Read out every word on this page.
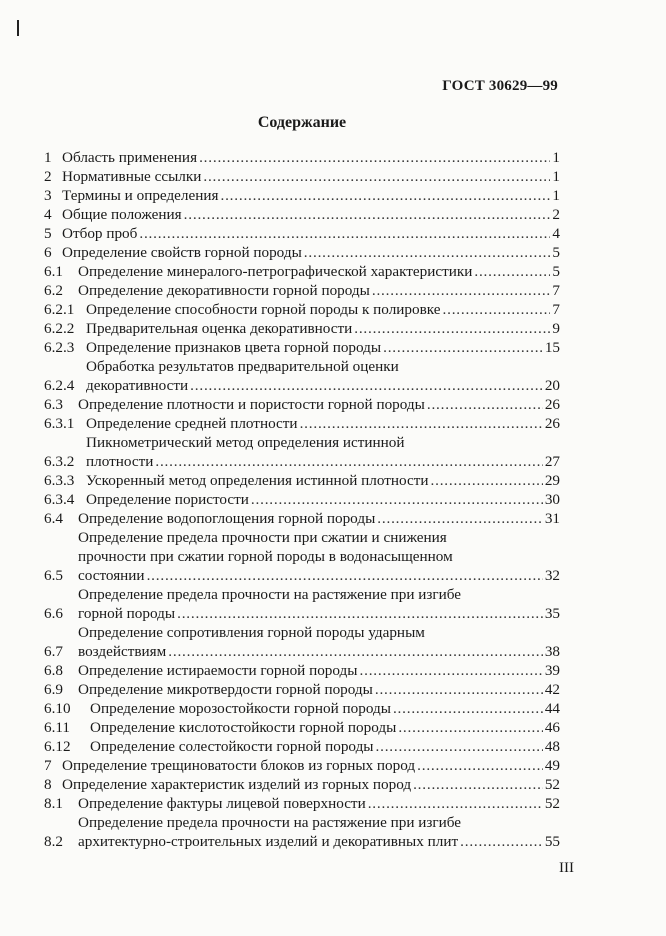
ГОСТ 30629—99
Содержание
1 Область применения . . .	1
2 Нормативные ссылки . . .	1
3 Термины и определения . . .	1
4 Общие положения . . .	2
5 Отбор проб . . .	4
6 Определение свойств горной породы . . .	5
6.1 Определение минералого-петрографической характеристики . . .	5
6.2 Определение декоративности горной породы . . .	7
6.2.1 Определение способности горной породы к полировке . . .	7
6.2.2 Предварительная оценка декоративности . . .	9
6.2.3 Определение признаков цвета горной породы . . .	15
6.2.4
Обработка результатов предварительной оценки
декоративности . . .	20
6.3 Определение плотности и пористости горной породы . . .	26
6.3.1 Определение средней плотности . . .	26
6.3.2
Пикнометрический метод определения истинной
плотности . . .	27
6.3.3 Ускоренный метод определения истинной плотности . . .	29
6.3.4 Определение пористости . . .	30
6.4 Определение водопоглощения горной породы . . .	31
6.5
Определение предела прочности при сжатии и снижения
прочности при сжатии горной породы в водонасыщенном
состоянии . . .	32
6.6
Определение предела прочности на растяжение при изгибе
горной породы . . .	35
6.7
Определение сопротивления горной породы ударным
воздействиям . . .	38
6.8 Определение истираемости горной породы . . .	39
6.9 Определение микротвердости горной породы . . .	42
6.10	Определение морозостойкости горной породы . . .	44
6.11	Определение кислотостойкости горной породы . . .	46
6.12	Определение солестойкости горной породы . . .	48
7 Определение трещиноватости блоков из горных пород . . .	49
8 Определение характеристик изделий из горных пород . . .	52
8.1 Определение фактуры лицевой поверхности . . .	52
8.2
Определение предела прочности на растяжение при изгибе
архитектурно-строительных изделий и декоративных плит . . .	55
III
